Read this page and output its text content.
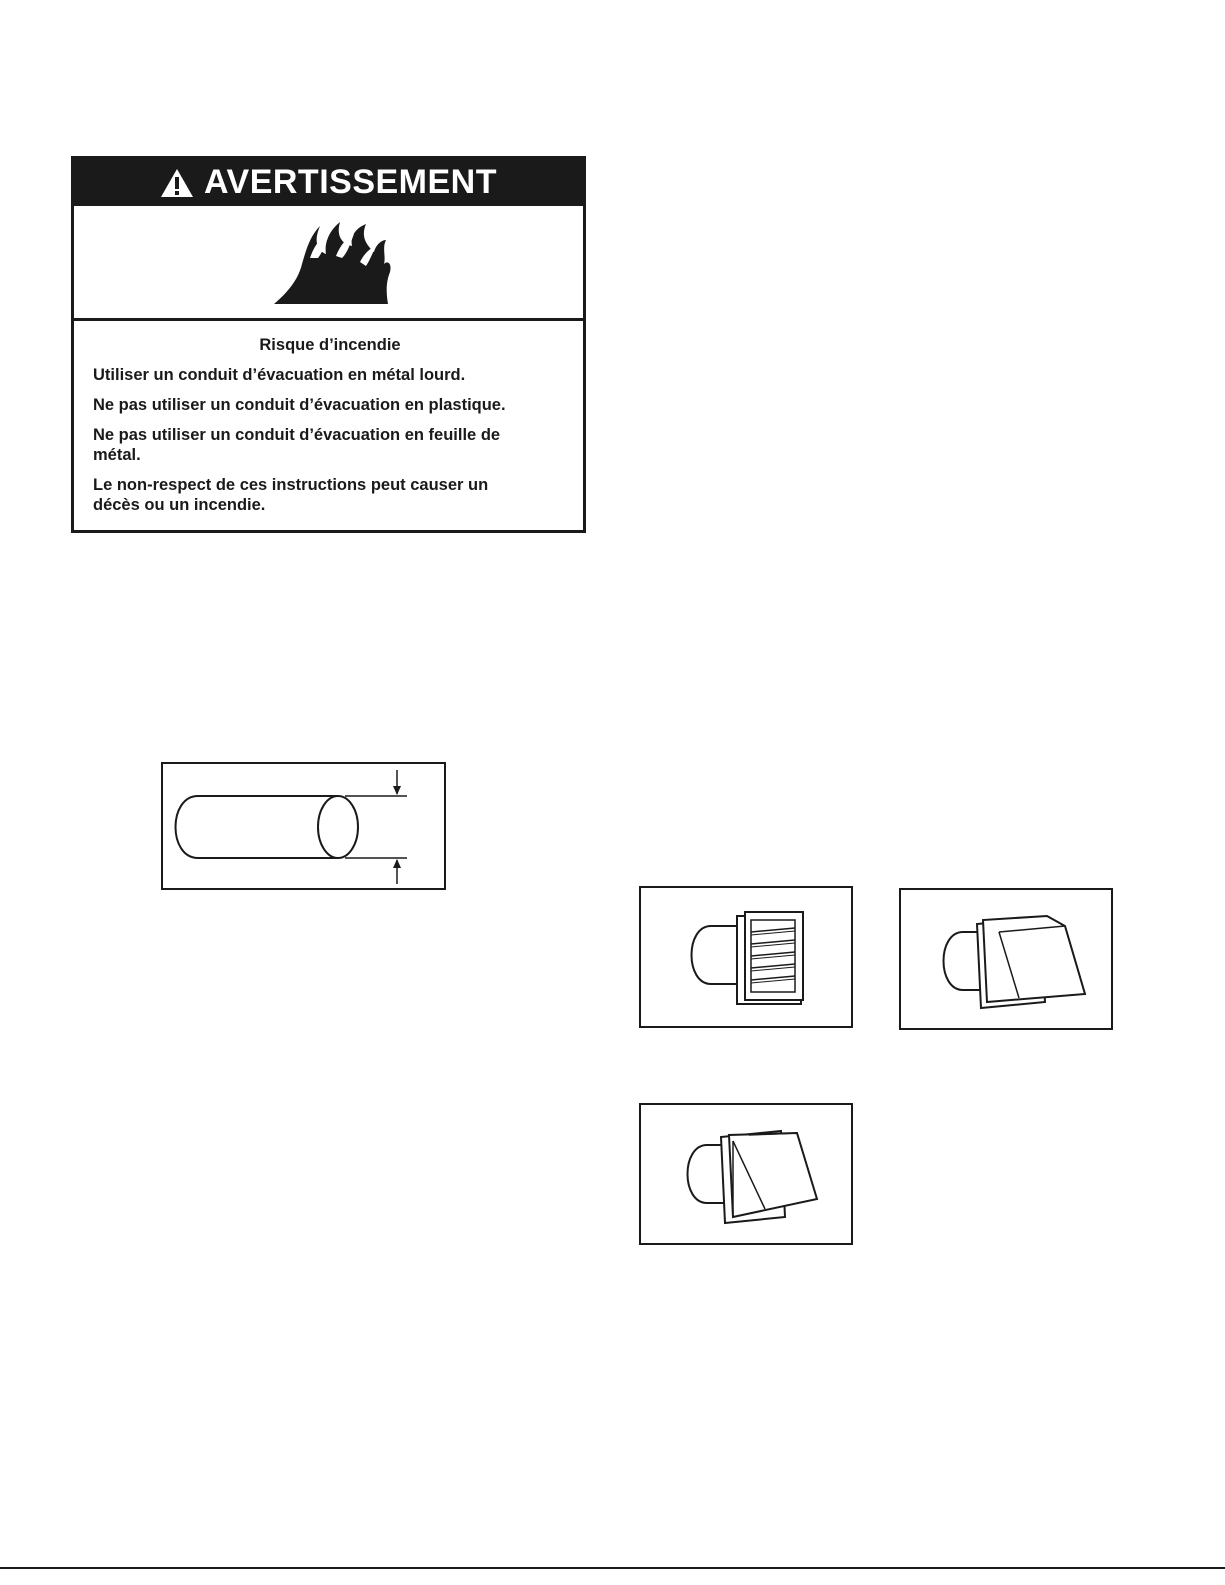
AVERTISSEMENT

Risque d’incendie

Utiliser un conduit d’évacuation en métal lourd.

Ne pas utiliser un conduit d’évacuation en plastique.

Ne pas utiliser un conduit d’évacuation en feuille de métal.

Le non-respect de ces instructions peut causer un décès ou un incendie.
